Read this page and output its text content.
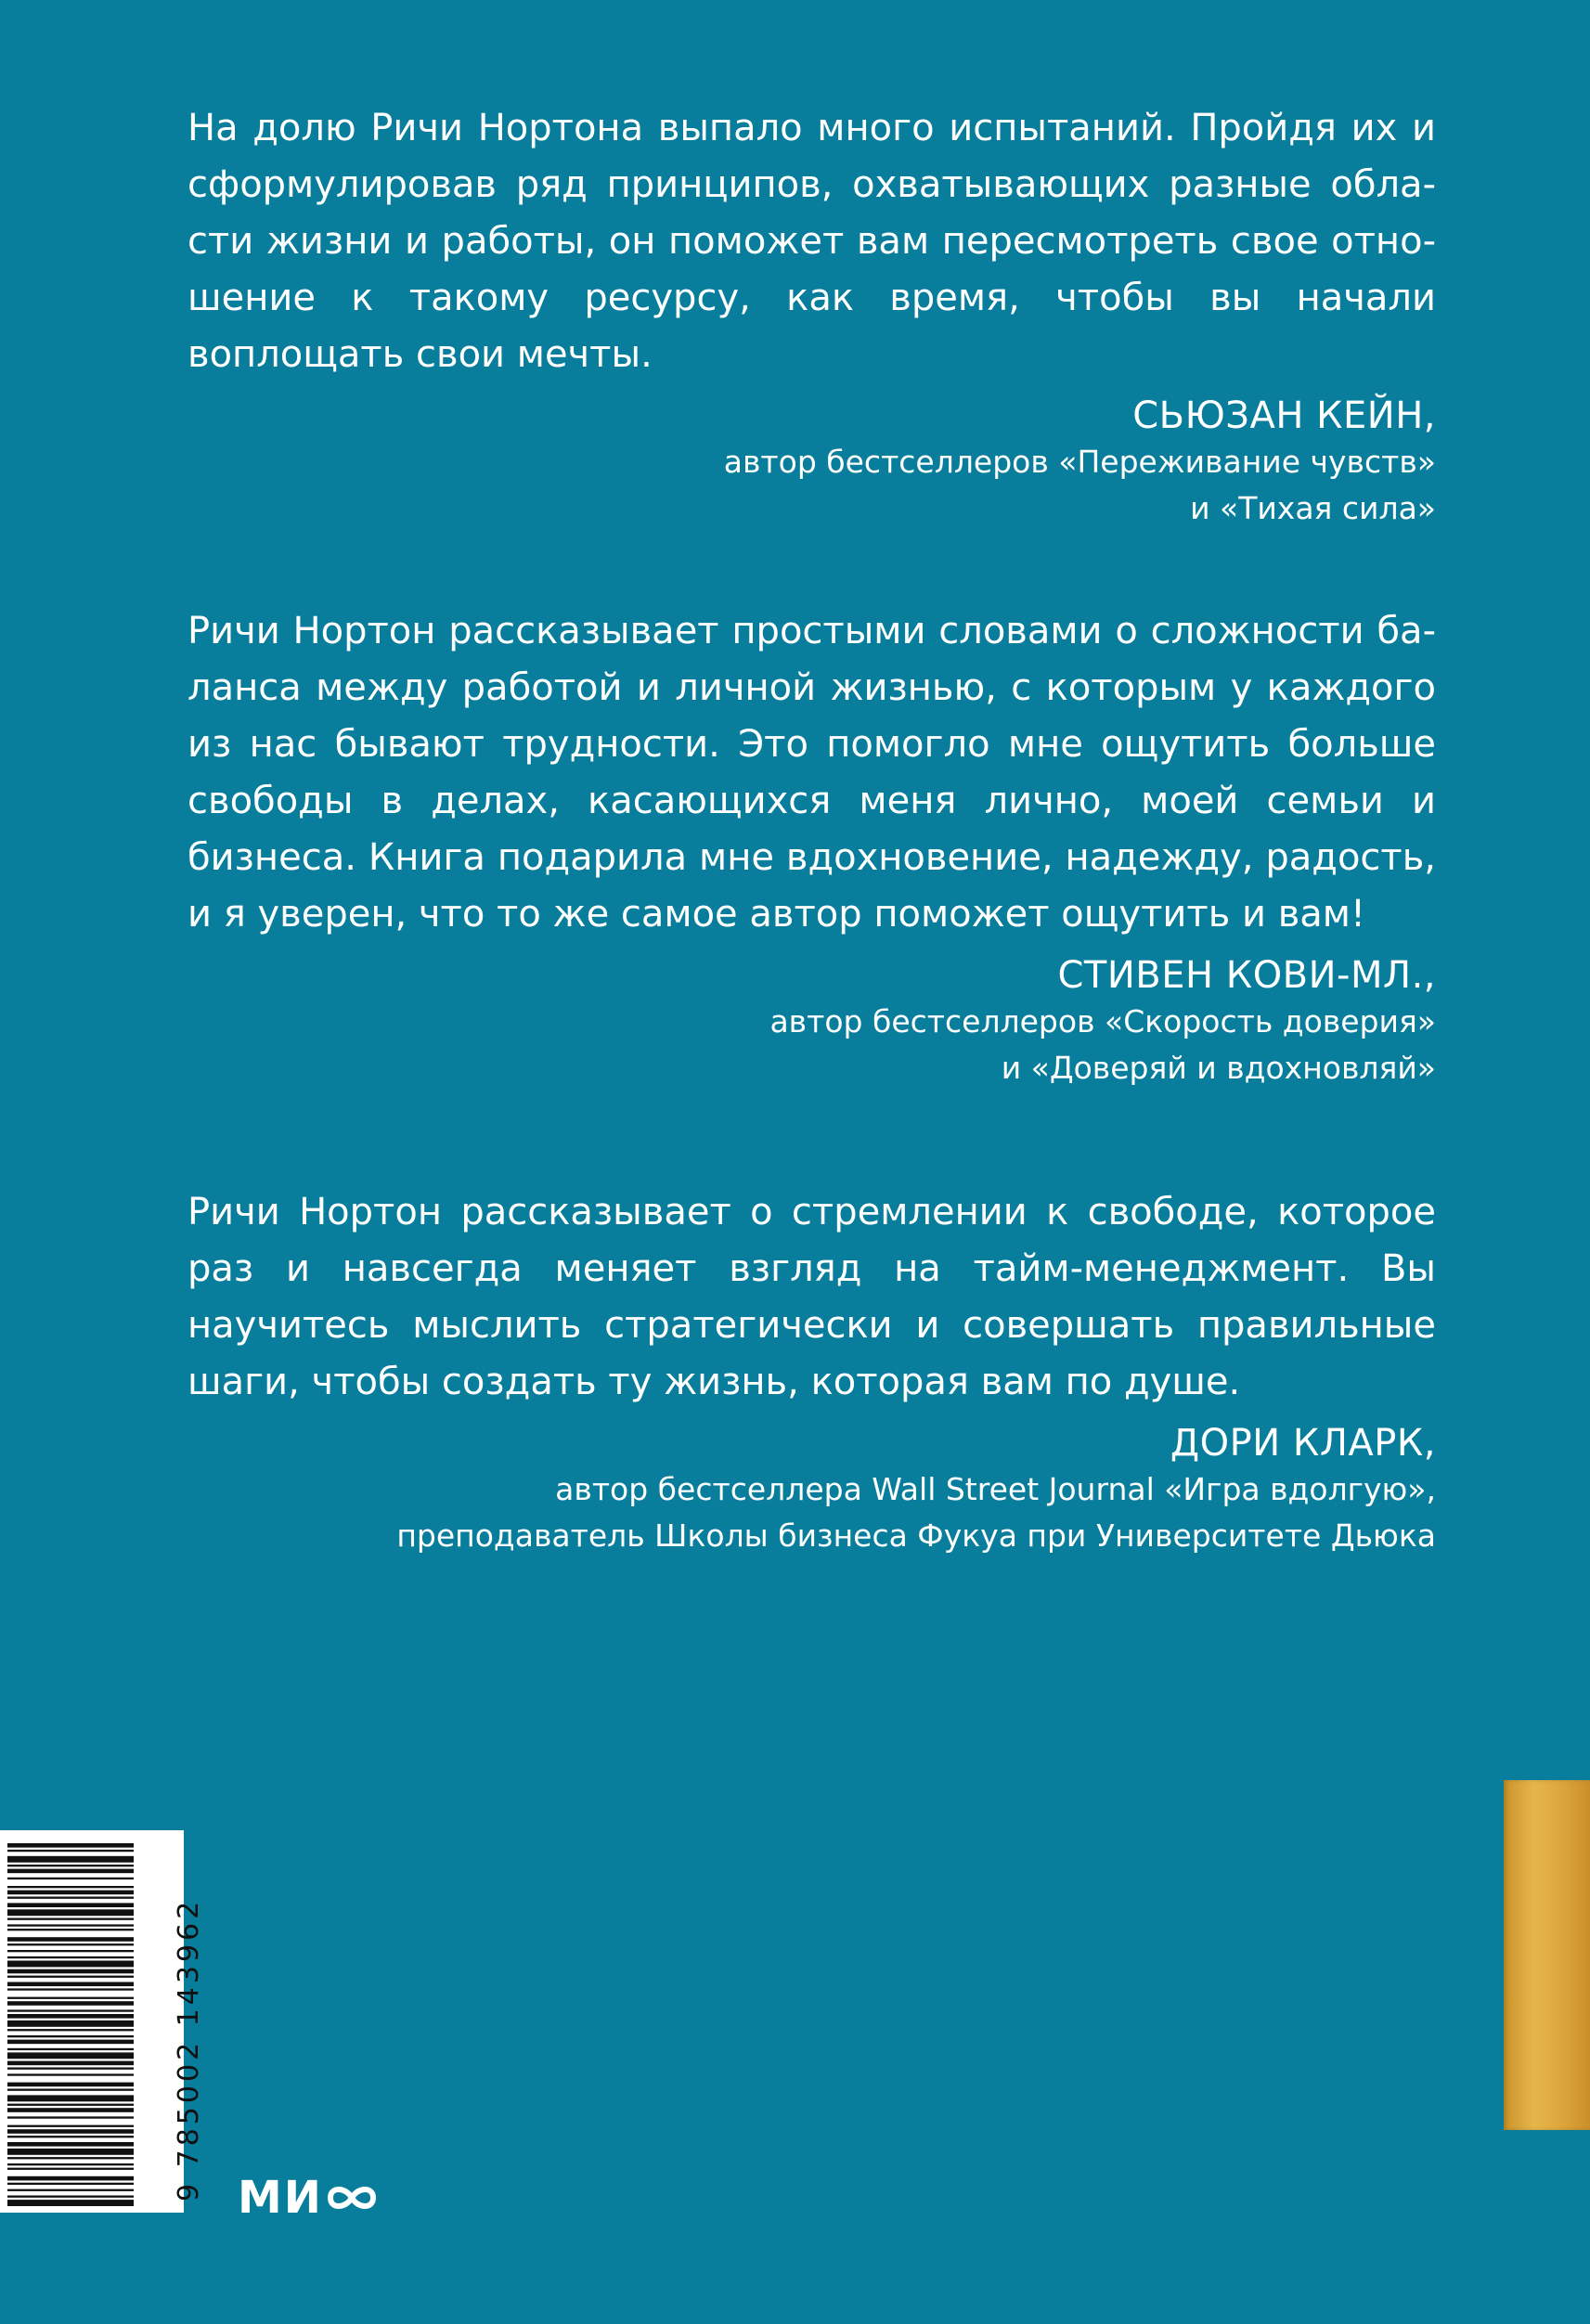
На долю Ричи Нортона выпало много испытаний. Пройдя их и сформулировав ряд принципов, охватывающих разные области жизни и работы, он поможет вам пересмотреть свое отношение к такому ресурсу, как время, чтобы вы начали воплощать свои мечты.

СЬЮЗАН КЕЙН,
автор бестселлеров «Переживание чувств»
и «Тихая сила»

Ричи Нортон рассказывает простыми словами о сложности баланса между работой и личной жизнью, с которым у каждого из нас бывают трудности. Это помогло мне ощутить больше свободы в делах, касающихся меня лично, моей семьи и бизнеса. Книга подарила мне вдохновение, надежду, радость, и я уверен, что то же самое автор поможет ощутить и вам!

СТИВЕН КОВИ-МЛ.,
автор бестселлеров «Скорость доверия»
и «Доверяй и вдохновляй»

Ричи Нортон рассказывает о стремлении к свободе, которое раз и навсегда меняет взгляд на тайм-менеджмент. Вы научитесь мыслить стратегически и совершать правильные шаги, чтобы создать ту жизнь, которая вам по душе.

ДОРИ КЛАРК,
автор бестселлера Wall Street Journal «Игра вдолгую»,
преподаватель Школы бизнеса Фукуа при Университете Дьюка
9 785002 143962 МИ
